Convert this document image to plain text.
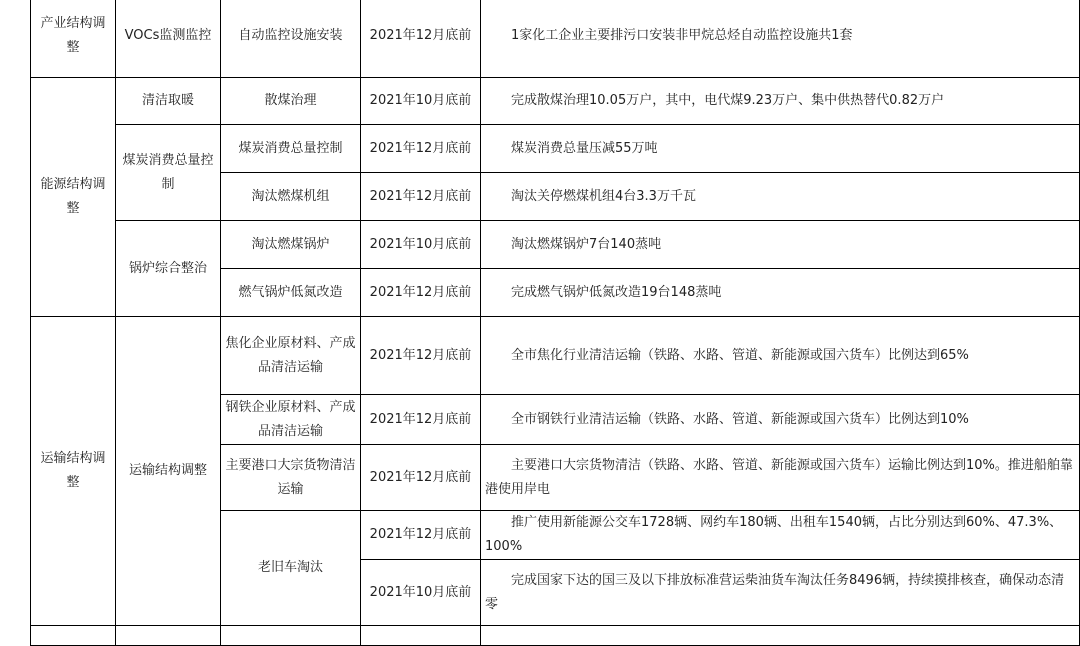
产业结构调整	VOCs监测监控	自动监控设施安装	2021年12月底前	1家化工企业主要排污口安装非甲烷总烃自动监控设施共1套
能源结构调整	清洁取暖	散煤治理	2021年10月底前	完成散煤治理10.05万户，其中，电代煤9.23万户、集中供热替代0.82万户
	煤炭消费总量控制	煤炭消费总量控制	2021年12月底前	煤炭消费总量压减55万吨
		淘汰燃煤机组	2021年12月底前	淘汰关停燃煤机组4台3.3万千瓦
	锅炉综合整治	淘汰燃煤锅炉	2021年10月底前	淘汰燃煤锅炉7台140蒸吨
		燃气锅炉低氮改造	2021年12月底前	完成燃气锅炉低氮改造19台148蒸吨
运输结构调整	运输结构调整	焦化企业原材料、产成品清洁运输	2021年12月底前	全市焦化行业清洁运输（铁路、水路、管道、新能源或国六货车）比例达到65%
		钢铁企业原材料、产成品清洁运输	2021年12月底前	全市钢铁行业清洁运输（铁路、水路、管道、新能源或国六货车）比例达到10%
		主要港口大宗货物清洁运输	2021年12月底前	主要港口大宗货物清洁（铁路、水路、管道、新能源或国六货车）运输比例达到10%。推进船舶靠港使用岸电
		老旧车淘汰	2021年12月底前	推广使用新能源公交车1728辆、网约车180辆、出租车1540辆，占比分别达到60%、47.3%、100%
			2021年10月底前	完成国家下达的国三及以下排放标准营运柴油货车淘汰任务8496辆，持续摸排核查，确保动态清零
